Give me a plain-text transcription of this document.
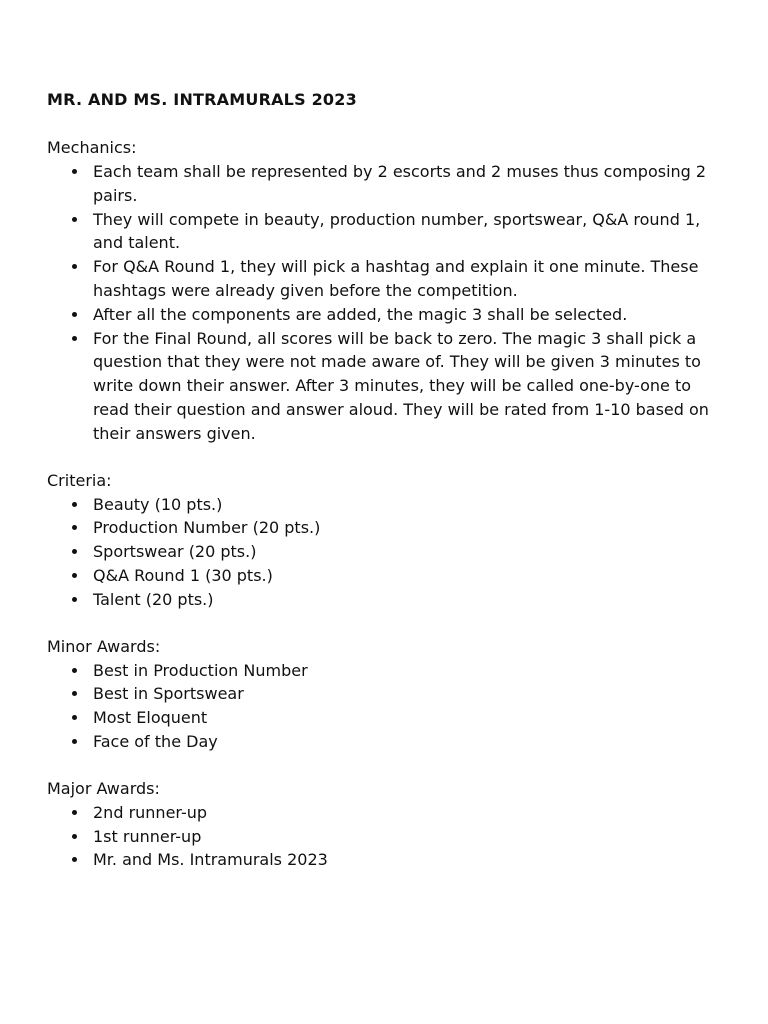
MR. AND MS. INTRAMURALS 2023
Mechanics:
Each team shall be represented by 2 escorts and 2 muses thus composing 2 pairs.
They will compete in beauty, production number, sportswear, Q&A round 1, and talent.
For Q&A Round 1, they will pick a hashtag and explain it one minute. These hashtags were already given before the competition.
After all the components are added, the magic 3 shall be selected.
For the Final Round, all scores will be back to zero. The magic 3 shall pick a question that they were not made aware of. They will be given 3 minutes to write down their answer. After 3 minutes, they will be called one-by-one to read their question and answer aloud. They will be rated from 1-10 based on their answers given.
Criteria:
Beauty (10 pts.)
Production Number (20 pts.)
Sportswear (20 pts.)
Q&A Round 1 (30 pts.)
Talent (20 pts.)
Minor Awards:
Best in Production Number
Best in Sportswear
Most Eloquent
Face of the Day
Major Awards:
2nd runner-up
1st runner-up
Mr. and Ms. Intramurals 2023
